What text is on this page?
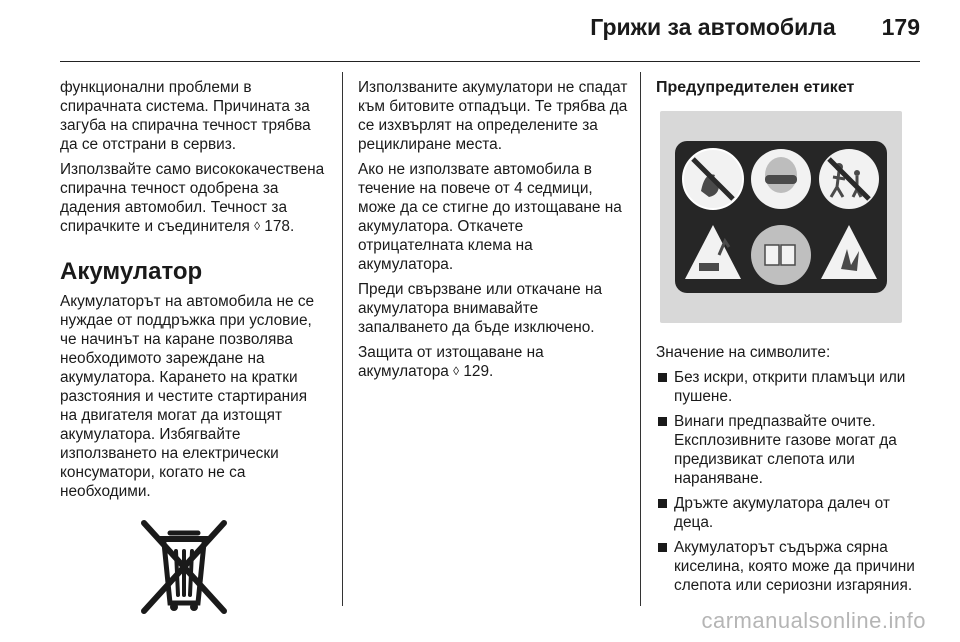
Грижи за автомобила 179

функционални проблеми в спирачната система. Причината за загуба на спирачна течност трябва да се отстрани в сервиз.

Използвайте само висококачествена спирачна течност одобрена за дадения автомобил. Течност за спирачките и съединителя ◊ 178.

Акумулатор

Акумулаторът на автомобила не се нуждае от поддръжка при условие, че начинът на каране позволява необходимото зареждане на акумулатора. Карането на кратки разстояния и честите стартирания на двигателя могат да изтощят акумулатора. Избягвайте използването на електрически консуматори, когато не са необходими.

Използваните акумулатори не спадат към битовите отпадъци. Те трябва да се изхвърлят на определените за рециклиране места.

Ако не използвате автомобила в течение на повече от 4 седмици, може да се стигне до изтощаване на акумулатора. Откачете отрицателната клема на акумулатора.

Преди свързване или откачане на акумулатора внимавайте запалването да бъде изключено.

Защита от изтощаване на акумулатора ◊ 129.

Предупредителен етикет

Значение на символите:

Без искри, открити пламъци или пушене.
Винаги предпазвайте очите. Експлозивните газове могат да предизвикат слепота или нараняване.
Дръжте акумулатора далеч от деца.
Акумулаторът съдържа сярна киселина, която може да причини слепота или сериозни изгаряния.
carmanualsonline.info
